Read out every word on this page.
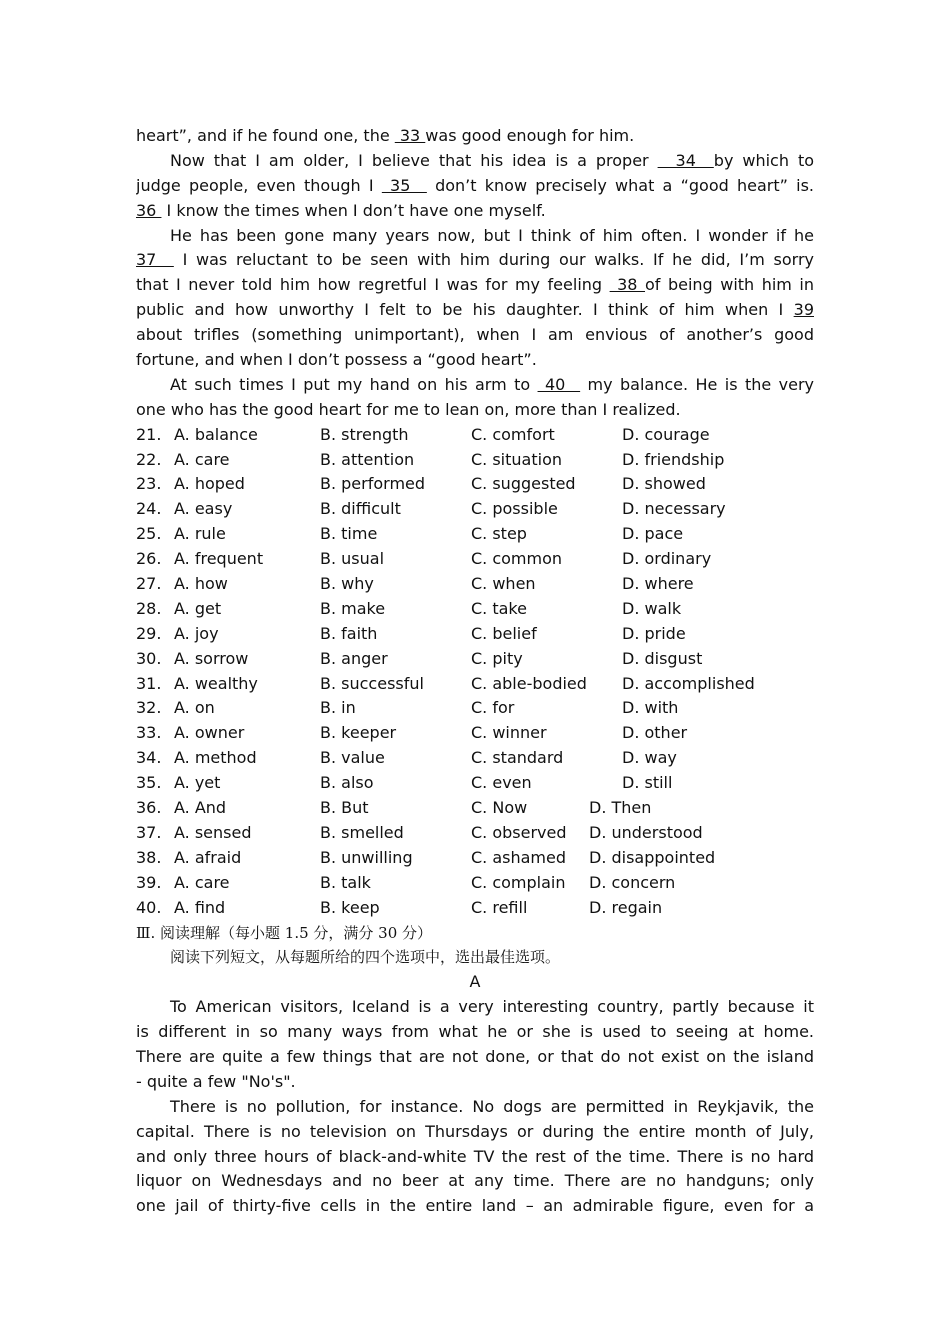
heart”, and if he found one, the  33 was good enough for him.
Now that I am older, I believe that his idea is a proper   34  by which to
judge people, even though I  35   don’t know precisely what a “good heart” is.
36  I know the times when I don’t have one myself.
He has been gone many years now, but I think of him often. I wonder if he
37   I was reluctant to be seen with him during our walks. If he did, I’m sorry
that I never told him how regretful I was for my feeling  38 of being with him in
public and how unworthy I felt to be his daughter. I think of him when I 39
about trifles (something unimportant), when I am envious of another’s good
fortune, and when I don’t possess a “good heart”.
At such times I put my hand on his arm to  40   my balance. He is the very
one who has the good heart for me to lean on, more than I realized.
21. A. balance	B. strength	C. comfort	D. courage
22. A. care	B. attention	C. situation	D. friendship
23. A. hoped	B. performed	C. suggested	D. showed
24. A. easy	B. difficult	C. possible	D. necessary
25. A. rule	B. time	C. step	D. pace
26. A. frequent	B. usual	C. common	D. ordinary
27. A. how	B. why	C. when	D. where
28. A. get	B. make	C. take	D. walk
29. A. joy	B. faith	C. belief	D. pride
30. A. sorrow	B. anger	C. pity	D. disgust
31. A. wealthy	B. successful	C. able-bodied	D. accomplished
32. A. on	B. in	C. for	D. with
33. A. owner	B. keeper	C. winner	D. other
34. A. method	B. value	C. standard	D. way
35. A. yet	B. also	C. even	D. still
36. A. And	B. But	C. Now	D. Then
37. A. sensed	B. smelled	C. observed	D. understood
38. A. afraid	B. unwilling	C. ashamed	D. disappointed
39. A. care	B. talk	C. complain	D. concern
40. A. find	B. keep	C. refill	D. regain
Ⅲ. 阅读理解（每小题 1.5 分，满分 30 分）
阅读下列短文，从每题所给的四个选项中，选出最佳选项。
A
To American visitors, Iceland is a very interesting country, partly because it
is different in so many ways from what he or she is used to seeing at home.
There are quite a few things that are not done, or that do not exist on the island
- quite a few "No's".
There is no pollution, for instance. No dogs are permitted in Reykjavik, the
capital. There is no television on Thursdays or during the entire month of July,
and only three hours of black-and-white TV the rest of the time. There is no hard
liquor on Wednesdays and no beer at any time. There are no handguns; only
one jail of thirty-five cells in the entire land – an admirable figure, even for a
